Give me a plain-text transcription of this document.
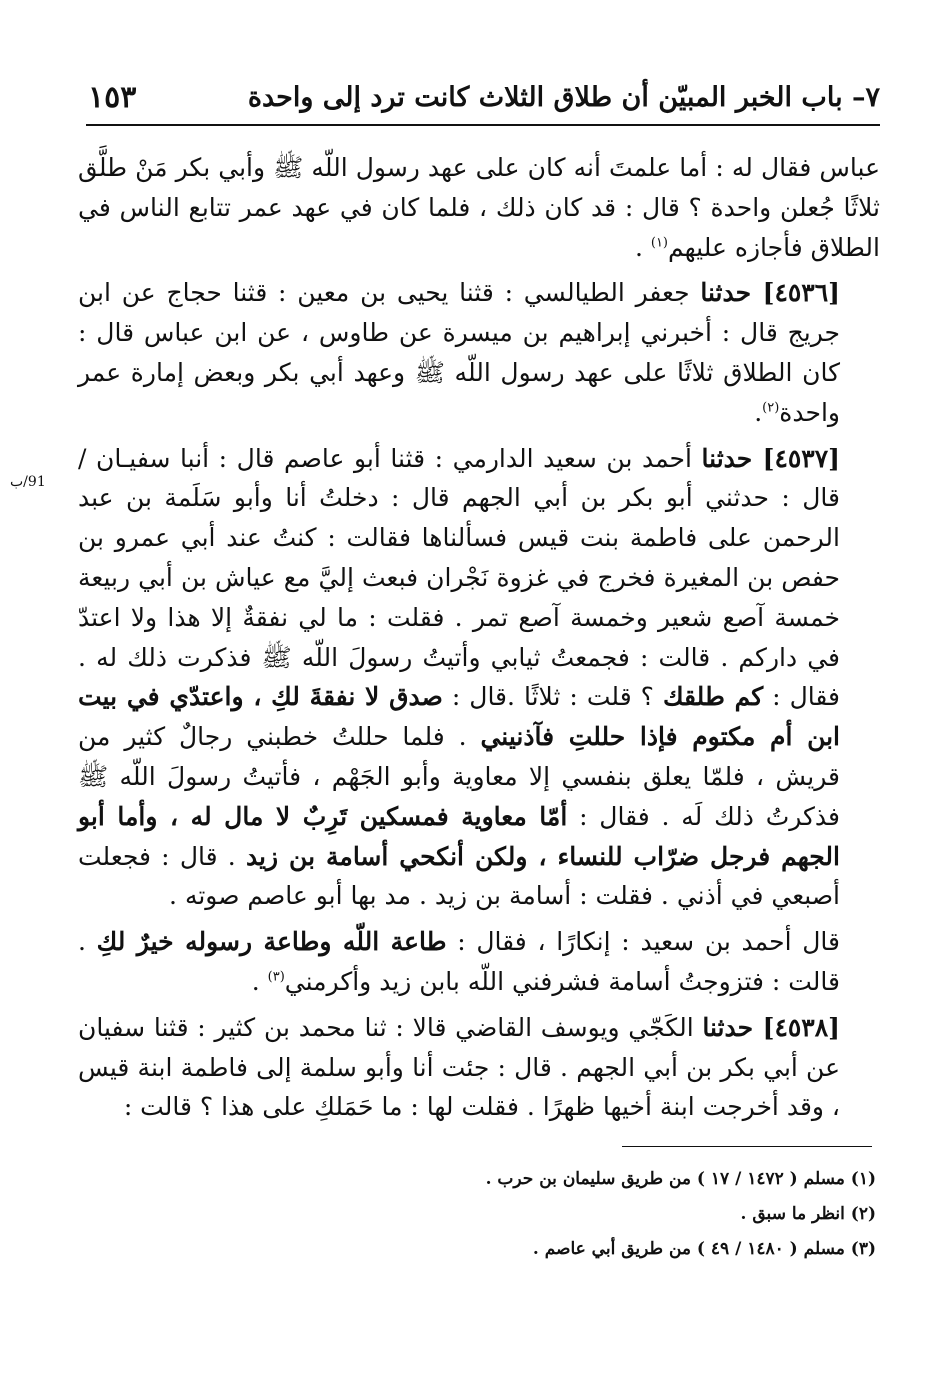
٧– باب الخبر المبيّن أن طلاق الثلاث كانت ترد إلى واحدة
١٥٣
91/ب

عباس فقال له : أما علمتَ أنه كان على عهد رسول اللّه ﷺ وأبي بكر مَنْ طلَّق ثلاثًا جُعلن واحدة ؟ قال : قد كان ذلك ، فلما كان في عهد عمر تتابع الناس في الطلاق فأجازه عليهم$^{(١)}$ .

[٤٥٣٦] حدثنا جعفر الطيالسي : قثنا يحيى بن معين : قثنا حجاج عن ابن جريج قال : أخبرني إبراهيم بن ميسرة عن طاوس ، عن ابن عباس قال : كان الطلاق ثلاثًا على عهد رسول اللّه ﷺ وعهد أبي بكر وبعض إمارة عمر واحدة$^{(٢)}$.

[٤٥٣٧] حدثنا أحمد بن سعيد الدارمي : قثنا أبو عاصم قال : أنبا سفيـان /قال : حدثني أبو بكر بن أبي الجهم قال : دخلتُ أنا وأبو سَلَمة بن عبد الرحمن على فاطمة بنت قيس فسألناها فقالت : كنتُ عند أبي عمرو بن حفص بن المغيرة فخرج في غزوة نَجْران فبعث إليَّ مع عياش بن أبي ربيعة خمسة آصع شعير وخمسة آصع تمر . فقلت : ما لي نفقةٌ إلا هذا ولا اعتدّ في داركم . قالت : فجمعتُ ثيابي وأتيتُ رسولَ اللّه ﷺ فذكرت ذلك له . فقال : كم طلقك ؟ قلت : ثلاثًا .قال : صدق لا نفقةَ لكِ ، واعتدّي في بيت ابن أم مكتوم فإذا حللتِ فآذنيني . فلما حللتُ خطبني رجالٌ كثير من قريش ، فلمّا يعلق بنفسي إلا معاوية وأبو الجَهْم ، فأتيتُ رسولَ اللّه ﷺ فذكرتُ ذلك لَه . فقال : أمّا معاوية فمسكين تَرِبٌ لا مال له ، وأما أبو الجهم فرجل ضرّاب للنساء ، ولكن أنكحي أسامة بن زيد . قال : فجعلت أصبعي في أذني . فقلت : أسامة بن زيد . مد بها أبو عاصم صوته .

قال أحمد بن سعيد : إنكارًا ، فقال : طاعة اللّه وطاعة رسوله خيرٌ لكِ . قالت : فتزوجتُ أسامة فشرفني اللّه بابن زيد وأكرمني$^{(٣)}$ .

[٤٥٣٨] حدثنا الكَجّي ويوسف القاضي قالا : ثنا محمد بن كثير : قثنا سفيان عن أبي بكر بن أبي الجهم . قال : جئت أنا وأبو سلمة إلى فاطمة ابنة قيس ، وقد أخرجت ابنة أخيها ظهرًا . فقلت لها : ما حَمَلكِ على هذا ؟ قالت :

(١) مسلم ( ١٤٧٢ / ١٧ ) من طريق سليمان بن حرب .
(٢) انظر ما سبق .
(٣) مسلم ( ١٤٨٠ / ٤٩ ) من طريق أبي عاصم .
